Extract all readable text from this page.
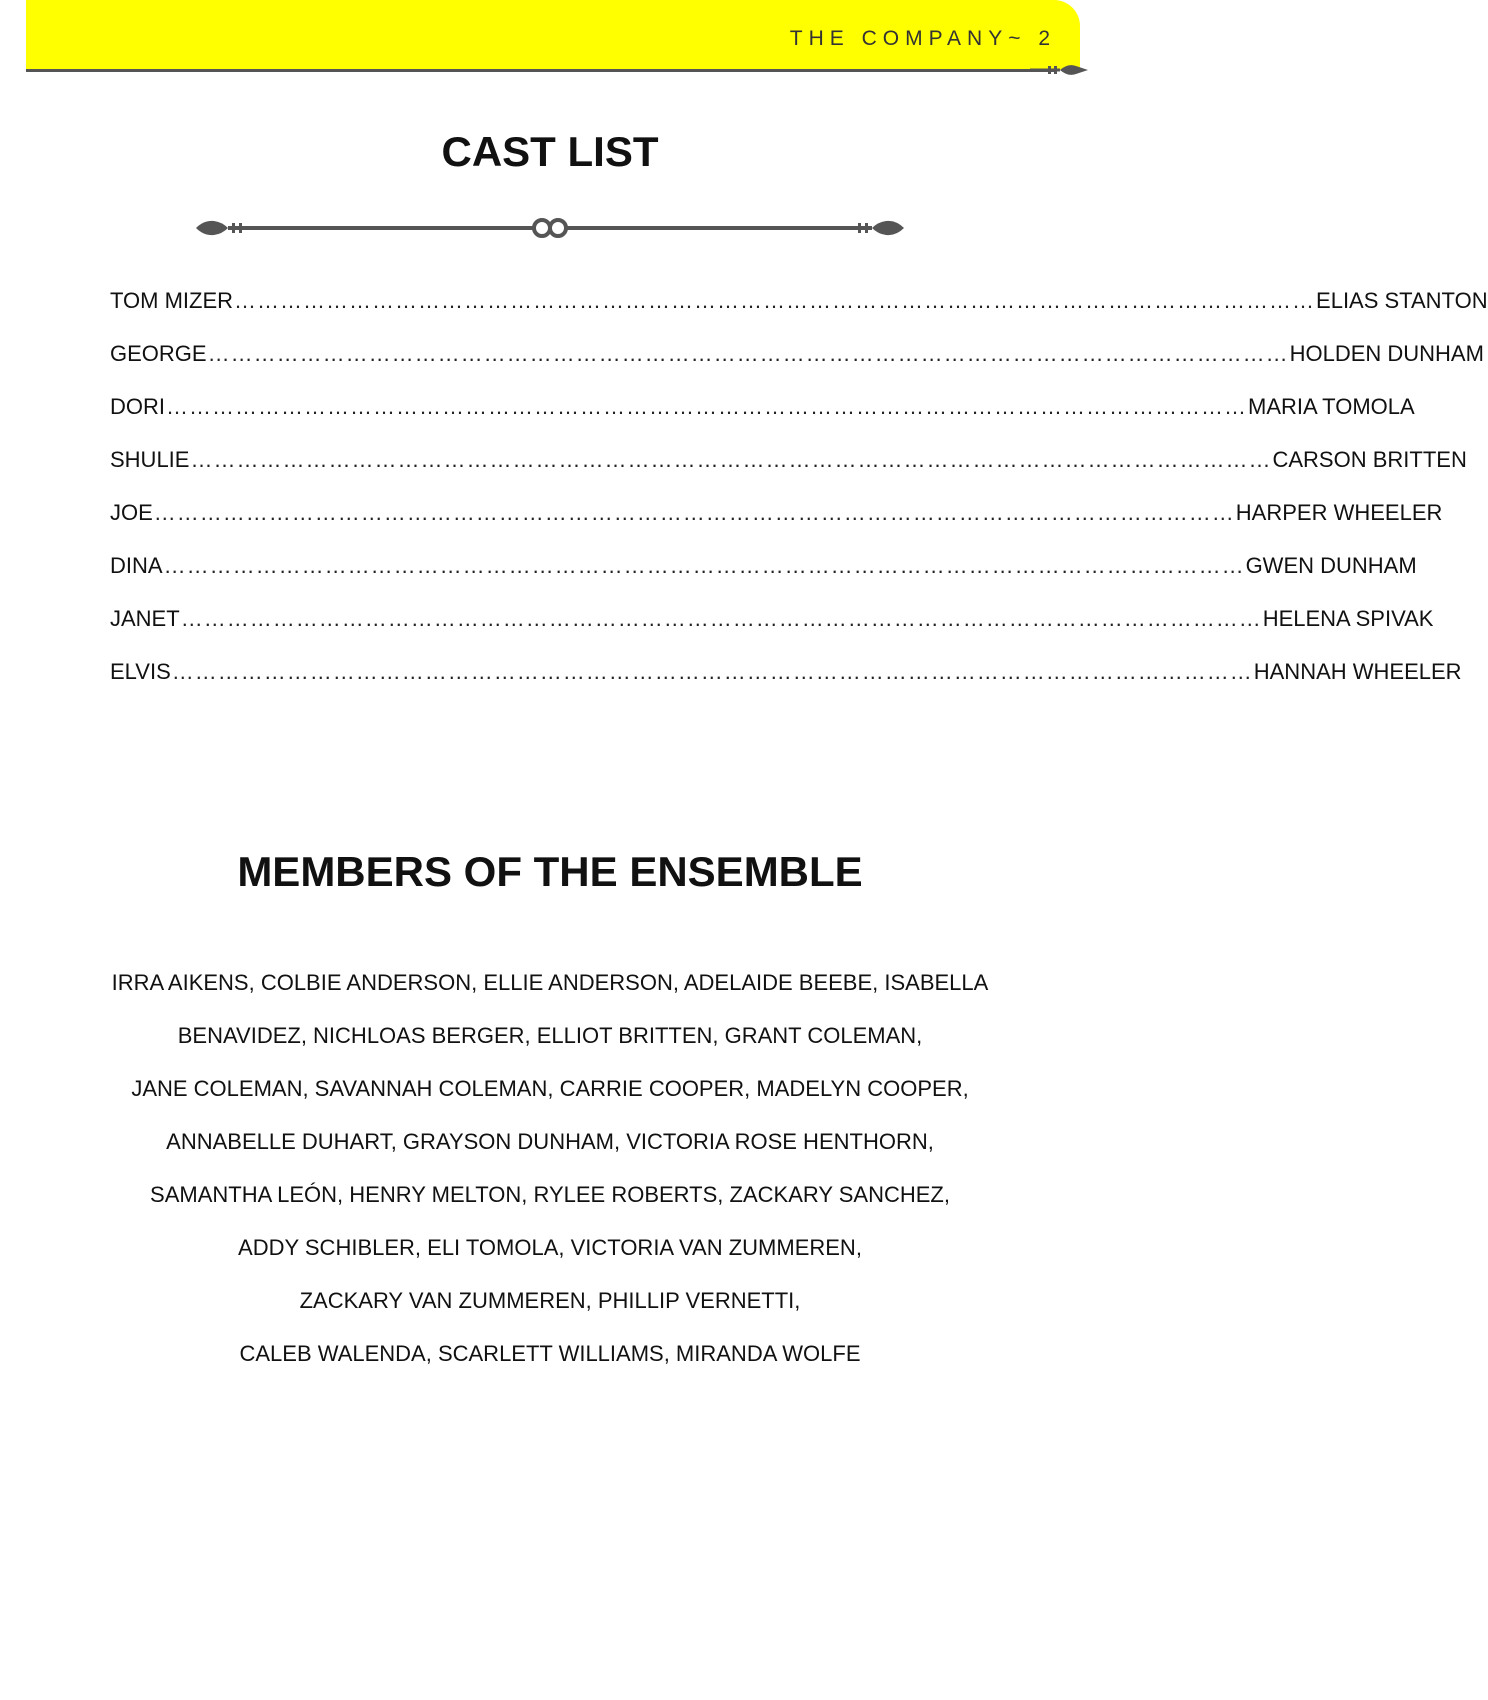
THE COMPANY~ 2
CAST LIST
TOM MIZER …………………………………………………………………………………………………………………………… ELIAS STANTON
GEORGE …………………………………………………………………………………………………………………………… HOLDEN DUNHAM
DORI …………………………………………………………………………………………………………………………… MARIA TOMOLA
SHULIE …………………………………………………………………………………………………………………………… CARSON BRITTEN
JOE …………………………………………………………………………………………………………………………… HARPER WHEELER
DINA …………………………………………………………………………………………………………………………… GWEN DUNHAM
JANET …………………………………………………………………………………………………………………………… HELENA SPIVAK
ELVIS …………………………………………………………………………………………………………………………… HANNAH WHEELER
MEMBERS OF THE ENSEMBLE
IRRA AIKENS, COLBIE ANDERSON, ELLIE ANDERSON, ADELAIDE BEEBE, ISABELLA
BENAVIDEZ, NICHLOAS BERGER, ELLIOT BRITTEN, GRANT COLEMAN,
JANE COLEMAN, SAVANNAH COLEMAN, CARRIE COOPER, MADELYN COOPER,
ANNABELLE DUHART, GRAYSON DUNHAM, VICTORIA ROSE HENTHORN,
SAMANTHA LEÓN, HENRY MELTON, RYLEE ROBERTS, ZACKARY SANCHEZ,
ADDY SCHIBLER, ELI TOMOLA, VICTORIA VAN ZUMMEREN,
ZACKARY VAN ZUMMEREN, PHILLIP VERNETTI,
CALEB WALENDA, SCARLETT WILLIAMS, MIRANDA WOLFE
